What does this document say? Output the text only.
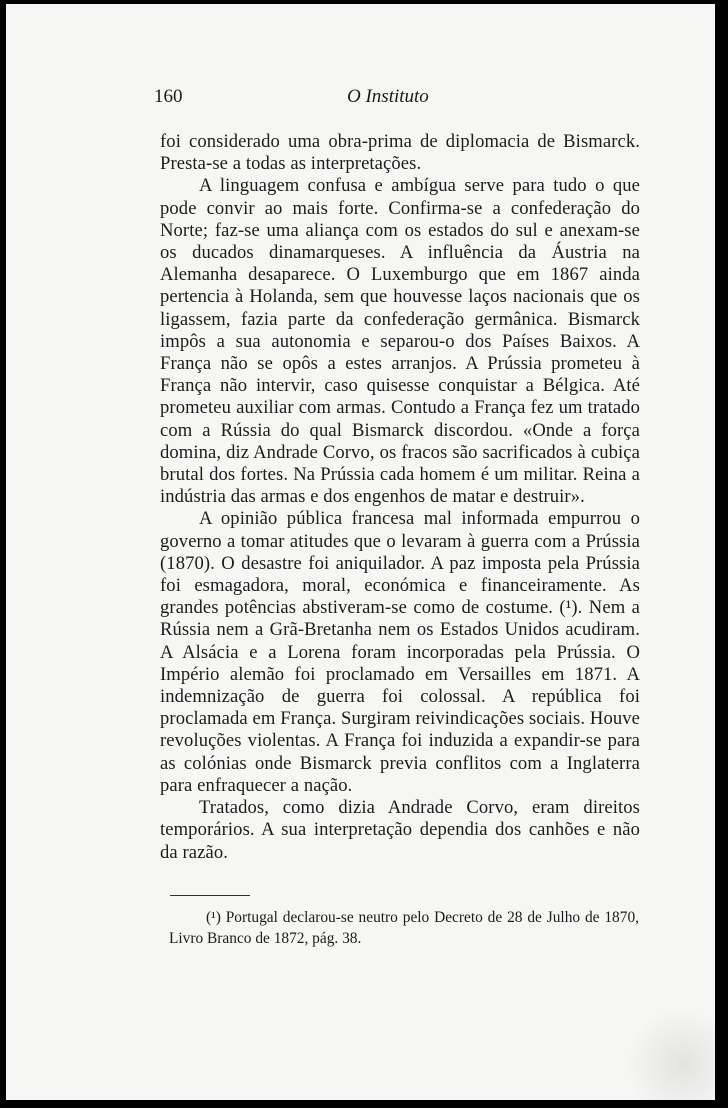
160	O Instituto

foi considerado uma obra-prima de diplomacia de Bismarck. Presta-se a todas as interpretações.

A linguagem confusa e ambígua serve para tudo o que pode convir ao mais forte. Confirma-se a confederação do Norte; faz-se uma aliança com os estados do sul e anexam-se os ducados dinamarqueses. A influência da Áustria na Alemanha desaparece. O Luxemburgo que em 1867 ainda pertencia à Holanda, sem que houvesse laços nacionais que os ligassem, fazia parte da confederação germânica. Bismarck impôs a sua autonomia e separou-o dos Países Baixos. A França não se opôs a estes arranjos. A Prússia prometeu à França não intervir, caso quisesse conquistar a Bélgica. Até prometeu auxiliar com armas. Contudo a França fez um tratado com a Rússia do qual Bismarck discordou. «Onde a força domina, diz Andrade Corvo, os fracos são sacrificados à cubiça brutal dos fortes. Na Prússia cada homem é um militar. Reina a indústria das armas e dos engenhos de matar e destruir».

A opinião pública francesa mal informada empurrou o governo a tomar atitudes que o levaram à guerra com a Prússia (1870). O desastre foi aniquilador. A paz imposta pela Prússia foi esmagadora, moral, económica e financeiramente. As grandes potências abstiveram-se como de costume. (¹). Nem a Rússia nem a Grã-Bretanha nem os Estados Unidos acudiram. A Alsácia e a Lorena foram incorporadas pela Prússia. O Império alemão foi proclamado em Versailles em 1871. A indemnização de guerra foi colossal. A república foi proclamada em França. Surgiram reivindicações sociais. Houve revoluções violentas. A França foi induzida a expandir-se para as colónias onde Bismarck previa conflitos com a Inglaterra para enfraquecer a nação.

Tratados, como dizia Andrade Corvo, eram direitos temporários. A sua interpretação dependia dos canhões e não da razão.

(¹) Portugal declarou-se neutro pelo Decreto de 28 de Julho de 1870, Livro Branco de 1872, pág. 38.
